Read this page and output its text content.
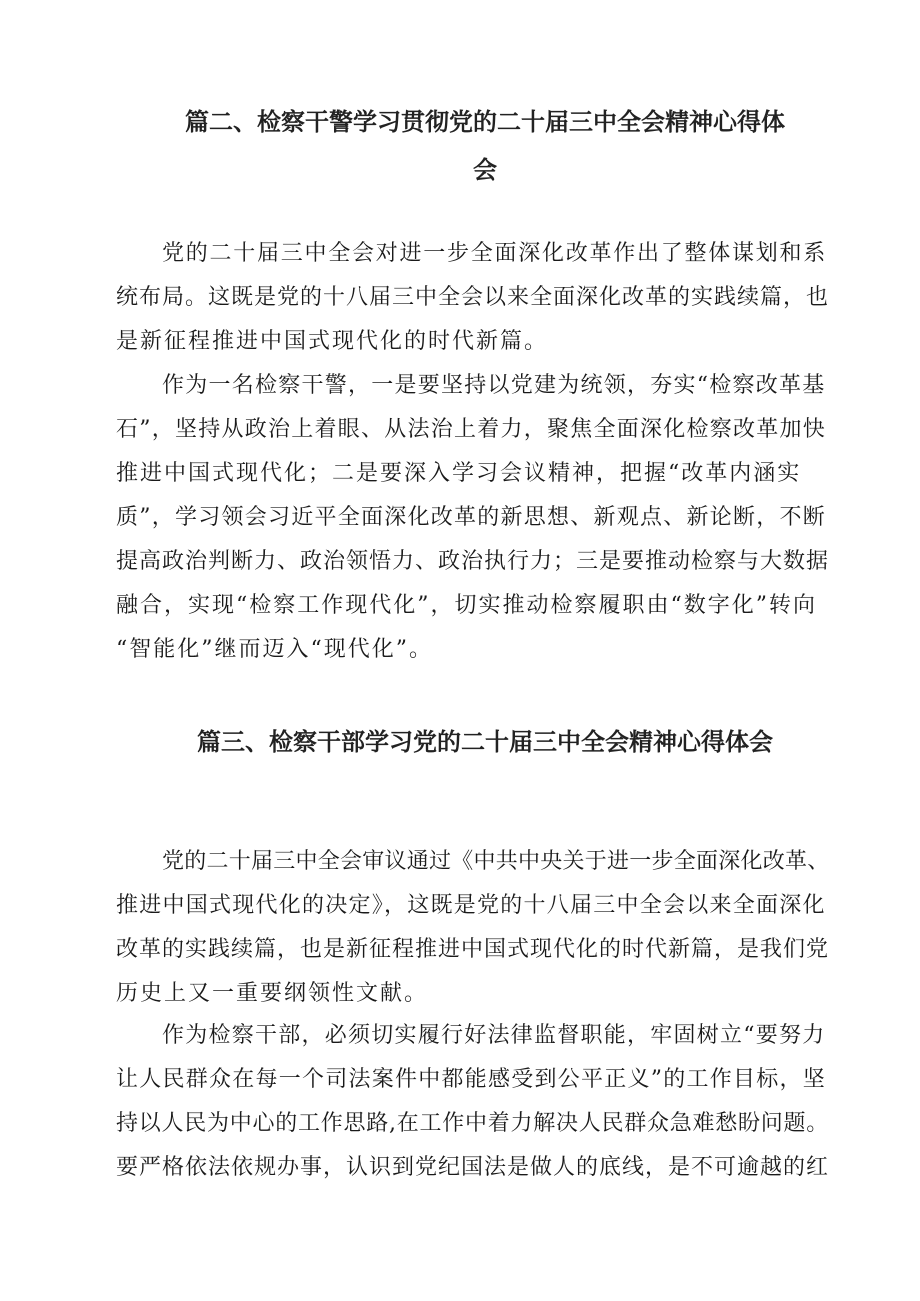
篇二、检察干警学习贯彻党的二十届三中全会精神心得体
会

党的二十届三中全会对进一步全面深化改革作出了整体谋划和系
统布局。这既是党的十八届三中全会以来全面深化改革的实践续篇，也
是新征程推进中国式现代化的时代新篇。

作为一名检察干警，一是要坚持以党建为统领，夯实“检察改革基
石”，坚持从政治上着眼、从法治上着力，聚焦全面深化检察改革加快
推进中国式现代化；二是要深入学习会议精神，把握“改革内涵实
质”，学习领会习近平全面深化改革的新思想、新观点、新论断，不断
提高政治判断力、政治领悟力、政治执行力；三是要推动检察与大数据
融合，实现“检察工作现代化”，切实推动检察履职由“数字化”转向
“智能化”继而迈入“现代化”。

篇三、检察干部学习党的二十届三中全会精神心得体会

党的二十届三中全会审议通过《中共中央关于进一步全面深化改革、
推进中国式现代化的决定》，这既是党的十八届三中全会以来全面深化
改革的实践续篇，也是新征程推进中国式现代化的时代新篇，是我们党
历史上又一重要纲领性文献。

作为检察干部，必须切实履行好法律监督职能，牢固树立“要努力
让人民群众在每一个司法案件中都能感受到公平正义”的工作目标，坚
持以人民为中心的工作思路,在工作中着力解决人民群众急难愁盼问题。
要严格依法依规办事，认识到党纪国法是做人的底线，是不可逾越的红
